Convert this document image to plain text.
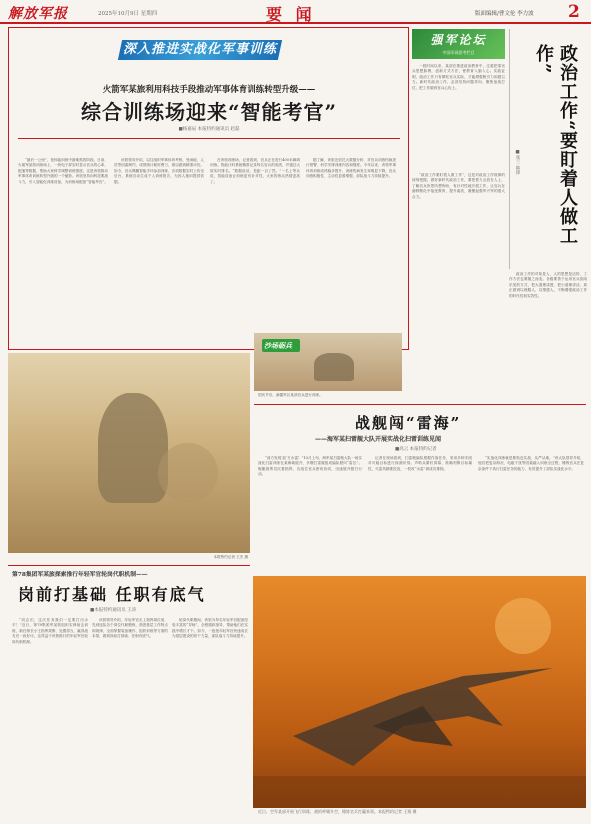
解放军报	2025年10月9日 星期四	要 闻	版面编辑/曹文伦 李力波 2
深入推进实战化军事训练
火箭军某旅利用科技手段推动军事体育训练转型升级——
综合训练场迎来“智能考官”
■杨嘉辰 本报特约通讯员 赵磊

“最后一公里”，是体能训练中最难熬的阶段。日前，火箭军某旅训练场上，一块电子屏实时显示官兵的心率、配速等数据，帮助大家科学调整训练强度。这是该旅推动军事体育训练转型升级的一个缩影。该旅坚持向科技要战斗力，引入智能化训练设备，为训练场配备“智能考官”。

该旅领导介绍，以往组织军事体育考核，受场地、人员等因素制约，成绩统计耗时费力，难以做到精准评估。如今，官兵佩戴智能手环参加训练，各项数据实时上传至后台，系统自动生成个人训练报告，为因人施训提供依据。

在该旅训练场，记者看到，官兵正在进行400米障碍训练。智能计时系统精准记录每名官兵的成绩，并通过大屏实时排名。“数据说话，差距一目了然。”一名上等兵说，智能设备让训练更有针对性，大家的练兵热情更高了。

据了解，该旅还依托大数据分析，对官兵训练伤病进行预警，科学安排训练内容和强度。今年以来，该旅军事体育训练成绩稳步提升，训练伤病发生率明显下降，官兵训练积极性、主动性显著增强，部队战斗力持续提升。

强军论坛
中国军网思考栏目

一段时间以来，某部在推进政治教育中，注重把准官兵思想脉搏，创新方式方法，使教育入脑入心。实践证明，政治工作只有紧贴官兵实际，才能增强吸引力和感召力。新时代政治工作，必须坚持问题导向，聚焦备战打仗，把工作做到官兵心坎上。	政治工作“要盯着人做工作”
■张三 韩锋

“政治工作要盯着人做工作”，这是对政治工作规律的深刻把握。做好新时代政治工作，要把着力点放在人上，了解官兵所思所想所盼，有针对性地开展工作，让官兵在潜移默化中接受教育、提升素质，凝聚起强军兴军的强大合力。

政治工作的对象是人，人的思想是活的，工作方法也要随之而变。各级要善于运用官兵喜闻乐见的方式，把大道理讲透、把小道理讲活，真正做到以理服人、以情感人，不断增强政治工作的时代性和实效性。

沙场砺兵
国庆节后，新疆军区某部官兵进行训练。
本报特约记者 王杰 摄
战舰闯“雷海”
——海军某扫雷舰大队开展实战化扫雷训练见闻
■高云 本报特约记者

“前方发现‘敌’方水雷！”10月上旬，海军某扫雷舰大队一场实战化扫雷训练在某海域展开，多艘扫雷舰组成编队驶向“雷区”。舰艇指挥员沉着指挥，各战位官兵密切协同，迅速展开猎扫行动。

记者在现场看到，扫雷舰编队根据作战任务，采用多种手段对可疑目标进行探测识别。声呐兵紧盯屏幕，准确判断目标属性，灭雷具精准投放，一枚枚“水雷”被成功排除。

“实战化训练就是要贴近实战、从严从难。”该大队领导介绍，他们把复杂海况、电磁干扰等因素融入训练全过程，锤炼官兵在复杂条件下执行扫雷任务的能力，有效提升了部队实战化水平。

近日，空军某部开展飞行训练，战机呼啸升空，锤炼官兵打赢本领。本报特约记者 王翔 摄
第78集团军某旅探索推行年轻军官轮岗代职机制——
岗前打基础 任职有底气
■本报特约通讯员 王涛

“同志们，这次任务我们一定要打出水平！”近日，第78集团军某旅组织实弹射击训练，新任排长小王指挥果断、处置得当，赢得战友们一致好评。这得益于该旅推行的年轻军官轮岗代职机制。

该旅领导介绍，年轻军官走上指挥岗位前，先到连队各个岗位代职锻炼，熟悉基层工作特点和规律，全面掌握装备操作、组织训练等方面的本领，做到岗前打基础、任职有底气。

轮岗代职期间，该旅为每名年轻军官配备经验丰富的“导师”，全程跟踪指导，帮助他们在实践中增长才干。如今，一批批年轻军官快速成长为基层建设的骨干力量，部队战斗力持续提升。
